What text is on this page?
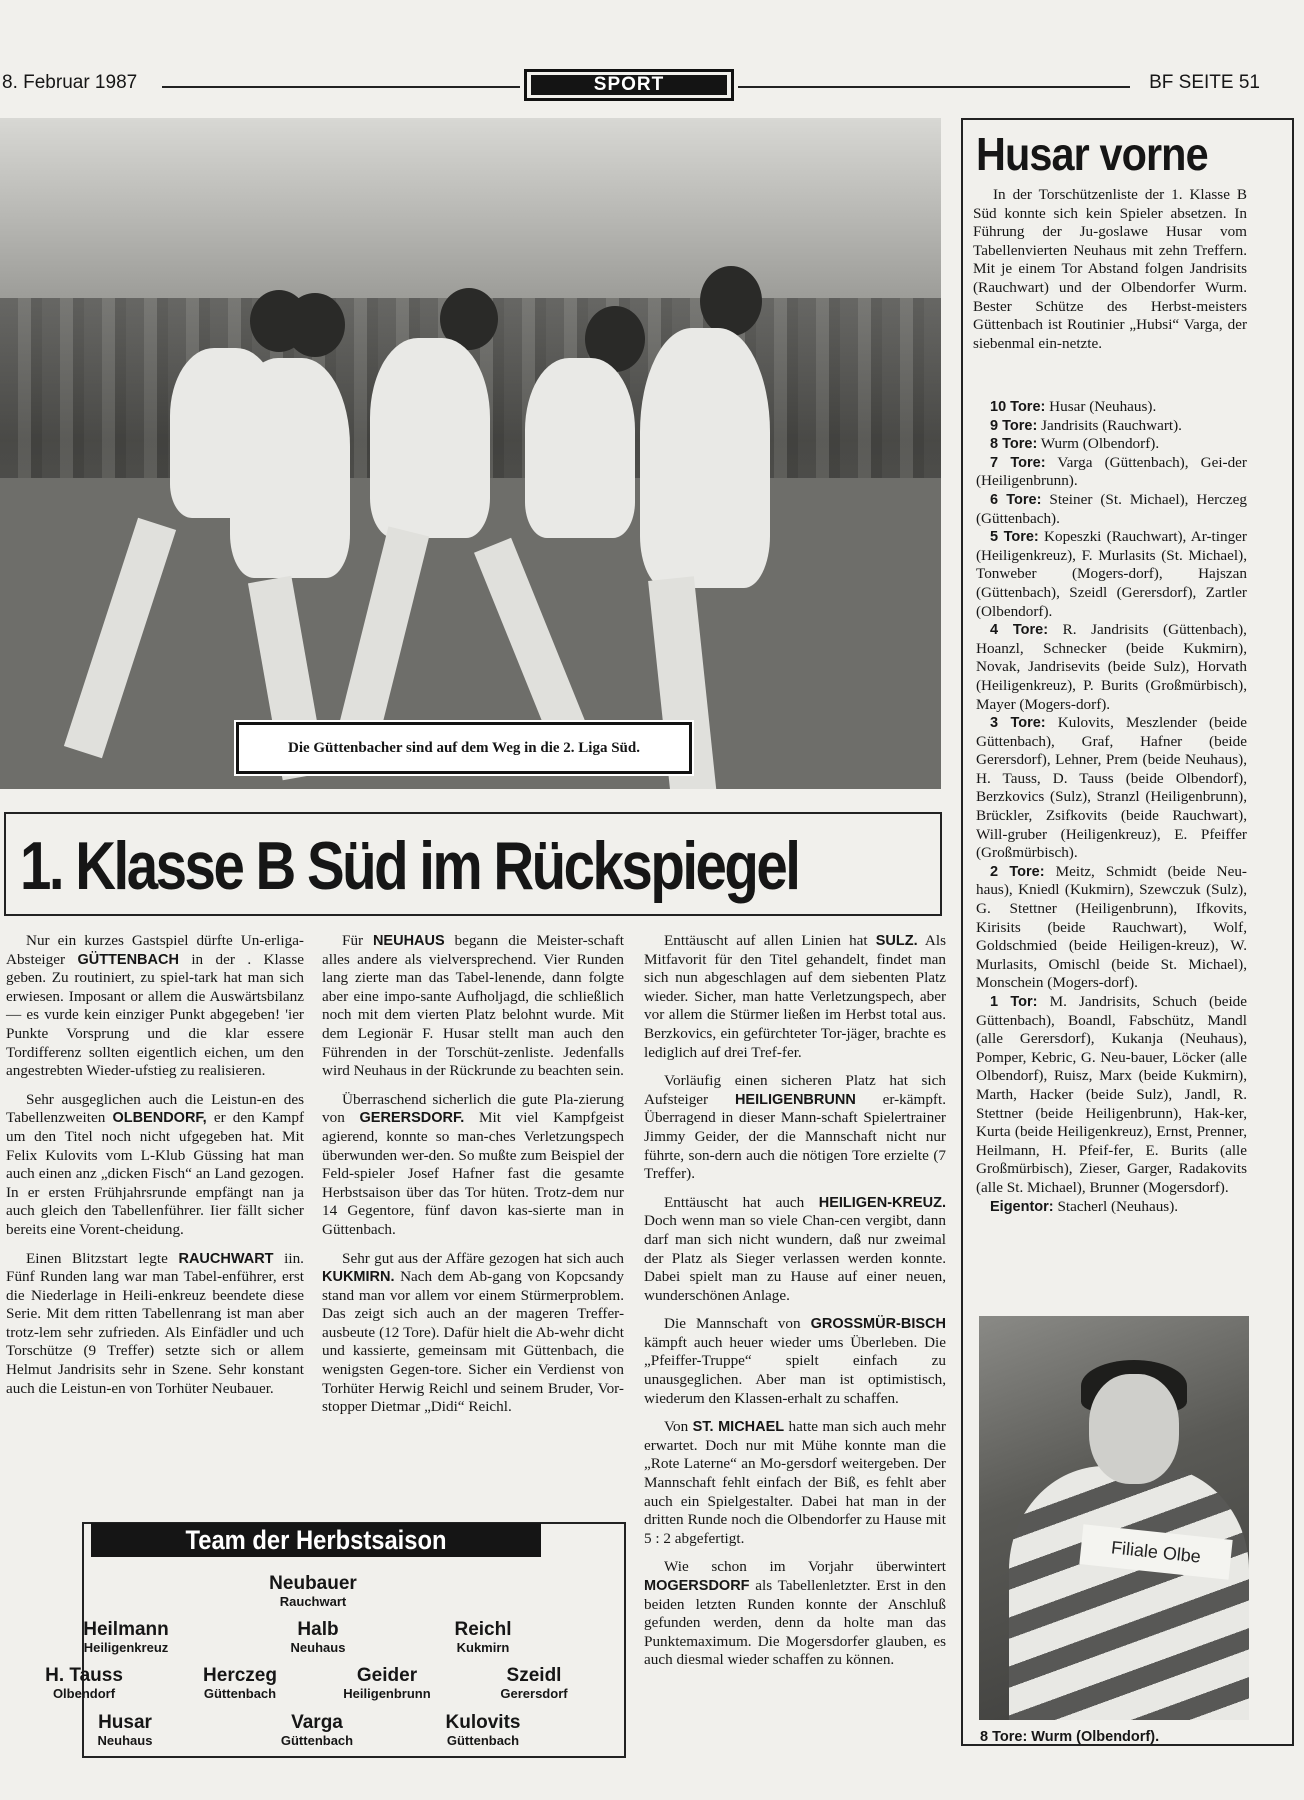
8. Februar 1987	SPORT	BF SEITE 51
Die Güttenbacher sind auf dem Weg in die 2. Liga Süd.
1. Klasse B Süd im Rückspiegel

Nur ein kurzes Gastspiel dürfte Un-erliga-Absteiger GÜTTENBACH in der . Klasse geben. Zu routiniert, zu spiel-tark hat man sich erwiesen. Imposant or allem die Auswärtsbilanz — es vurde kein einziger Punkt abgegeben! 'ier Punkte Vorsprung und die klar essere Tordifferenz sollten eigentlich eichen, um den angestrebten Wieder-ufstieg zu realisieren.

Sehr ausgeglichen auch die Leistun-en des Tabellenzweiten OLBENDORF, er den Kampf um den Titel noch nicht ufgegeben hat. Mit Felix Kulovits vom L-Klub Güssing hat man auch einen anz „dicken Fisch“ an Land gezogen. In er ersten Frühjahrsrunde empfängt nan ja auch gleich den Tabellenführer. Iier fällt sicher bereits eine Vorent-cheidung.

Einen Blitzstart legte RAUCHWART iin. Fünf Runden lang war man Tabel-enführer, erst die Niederlage in Heili-enkreuz beendete diese Serie. Mit dem ritten Tabellenrang ist man aber trotz-lem sehr zufrieden. Als Einfädler und uch Torschütze (9 Treffer) setzte sich or allem Helmut Jandrisits sehr in Szene. Sehr konstant auch die Leistun-en von Torhüter Neubauer.

Für NEUHAUS begann die Meister-schaft alles andere als vielversprechend. Vier Runden lang zierte man das Tabel-lenende, dann folgte aber eine impo-sante Aufholjagd, die schließlich noch mit dem vierten Platz belohnt wurde. Mit dem Legionär F. Husar stellt man auch den Führenden in der Torschüt-zenliste. Jedenfalls wird Neuhaus in der Rückrunde zu beachten sein.

Überraschend sicherlich die gute Pla-zierung von GERERSDORF. Mit viel Kampfgeist agierend, konnte so man-ches Verletzungspech überwunden wer-den. So mußte zum Beispiel der Feld-spieler Josef Hafner fast die gesamte Herbstsaison über das Tor hüten. Trotz-dem nur 14 Gegentore, fünf davon kas-sierte man in Güttenbach.

Sehr gut aus der Affäre gezogen hat sich auch KUKMIRN. Nach dem Ab-gang von Kopcsandy stand man vor allem vor einem Stürmerproblem. Das zeigt sich auch an der mageren Treffer-ausbeute (12 Tore). Dafür hielt die Ab-wehr dicht und kassierte, gemeinsam mit Güttenbach, die wenigsten Gegen-tore. Sicher ein Verdienst von Torhüter Herwig Reichl und seinem Bruder, Vor-stopper Dietmar „Didi“ Reichl.

Enttäuscht auf allen Linien hat SULZ. Als Mitfavorit für den Titel gehandelt, findet man sich nun abgeschlagen auf dem siebenten Platz wieder. Sicher, man hatte Verletzungspech, aber vor allem die Stürmer ließen im Herbst total aus. Berzkovics, ein gefürchteter Tor-jäger, brachte es lediglich auf drei Tref-fer.

Vorläufig einen sicheren Platz hat sich Aufsteiger HEILIGENBRUNN er-kämpft. Überragend in dieser Mann-schaft Spielertrainer Jimmy Geider, der die Mannschaft nicht nur führte, son-dern auch die nötigen Tore erzielte (7 Treffer).

Enttäuscht hat auch HEILIGEN-KREUZ. Doch wenn man so viele Chan-cen vergibt, dann darf man sich nicht wundern, daß nur zweimal der Platz als Sieger verlassen werden konnte. Dabei spielt man zu Hause auf einer neuen, wunderschönen Anlage.

Die Mannschaft von GROSSMÜR-BISCH kämpft auch heuer wieder ums Überleben. Die „Pfeiffer-Truppe“ spielt einfach zu unausgeglichen. Aber man ist optimistisch, wiederum den Klassen-erhalt zu schaffen.

Von ST. MICHAEL hatte man sich auch mehr erwartet. Doch nur mit Mühe konnte man die „Rote Laterne“ an Mo-gersdorf weitergeben. Der Mannschaft fehlt einfach der Biß, es fehlt aber auch ein Spielgestalter. Dabei hat man in der dritten Runde noch die Olbendorfer zu Hause mit 5 : 2 abgefertigt.

Wie schon im Vorjahr überwintert MOGERSDORF als Tabellenletzter. Erst in den beiden letzten Runden konnte der Anschluß gefunden werden, denn da holte man das Punktemaximum. Die Mogersdorfer glauben, es auch diesmal wieder schaffen zu können.

Team der Herbstsaison
Neubauer
Rauchwart
Heilmann
Heiligenkreuz
Halb
Neuhaus
Reichl
Kukmirn
H. Tauss
Olbendorf
Herczeg
Güttenbach
Geider
Heiligenbrunn
Szeidl
Gerersdorf
Husar
Neuhaus
Varga
Güttenbach
Kulovits
Güttenbach
Husar vorne

In der Torschützenliste der 1. Klasse B Süd konnte sich kein Spieler absetzen. In Führung der Ju-goslawe Husar vom Tabellenvierten Neuhaus mit zehn Treffern. Mit je einem Tor Abstand folgen Jandrisits (Rauchwart) und der Olbendorfer Wurm. Bester Schütze des Herbst-meisters Güttenbach ist Routinier „Hubsi“ Varga, der siebenmal ein-netzte.

10 Tore: Husar (Neuhaus).

9 Tore: Jandrisits (Rauchwart).

8 Tore: Wurm (Olbendorf).

7 Tore: Varga (Güttenbach), Gei-der (Heiligenbrunn).

6 Tore: Steiner (St. Michael), Herczeg (Güttenbach).

5 Tore: Kopeszki (Rauchwart), Ar-tinger (Heiligenkreuz), F. Murlasits (St. Michael), Tonweber (Mogers-dorf), Hajszan (Güttenbach), Szeidl (Gerersdorf), Zartler (Olbendorf).

4 Tore: R. Jandrisits (Güttenbach), Hoanzl, Schnecker (beide Kukmirn), Novak, Jandrisevits (beide Sulz), Horvath (Heiligenkreuz), P. Burits (Großmürbisch), Mayer (Mogers-dorf).

3 Tore: Kulovits, Meszlender (beide Güttenbach), Graf, Hafner (beide Gerersdorf), Lehner, Prem (beide Neuhaus), H. Tauss, D. Tauss (beide Olbendorf), Berzkovics (Sulz), Stranzl (Heiligenbrunn), Brückler, Zsifkovits (beide Rauchwart), Will-gruber (Heiligenkreuz), E. Pfeiffer (Großmürbisch).

2 Tore: Meitz, Schmidt (beide Neu-haus), Kniedl (Kukmirn), Szewczuk (Sulz), G. Stettner (Heiligenbrunn), Ifkovits, Kirisits (beide Rauchwart), Wolf, Goldschmied (beide Heiligen-kreuz), W. Murlasits, Omischl (beide St. Michael), Monschein (Mogers-dorf).

1 Tor: M. Jandrisits, Schuch (beide Güttenbach), Boandl, Fabschütz, Mandl (alle Gerersdorf), Kukanja (Neuhaus), Pomper, Kebric, G. Neu-bauer, Löcker (alle Olbendorf), Ruisz, Marx (beide Kukmirn), Marth, Hacker (beide Sulz), Jandl, R. Stettner (beide Heiligenbrunn), Hak-ker, Kurta (beide Heiligenkreuz), Ernst, Prenner, Heilmann, H. Pfeif-fer, E. Burits (alle Großmürbisch), Zieser, Garger, Radakovits (alle St. Michael), Brunner (Mogersdorf).

Eigentor: Stacherl (Neuhaus).

Filiale Olbe
8 Tore: Wurm (Olbendorf).
